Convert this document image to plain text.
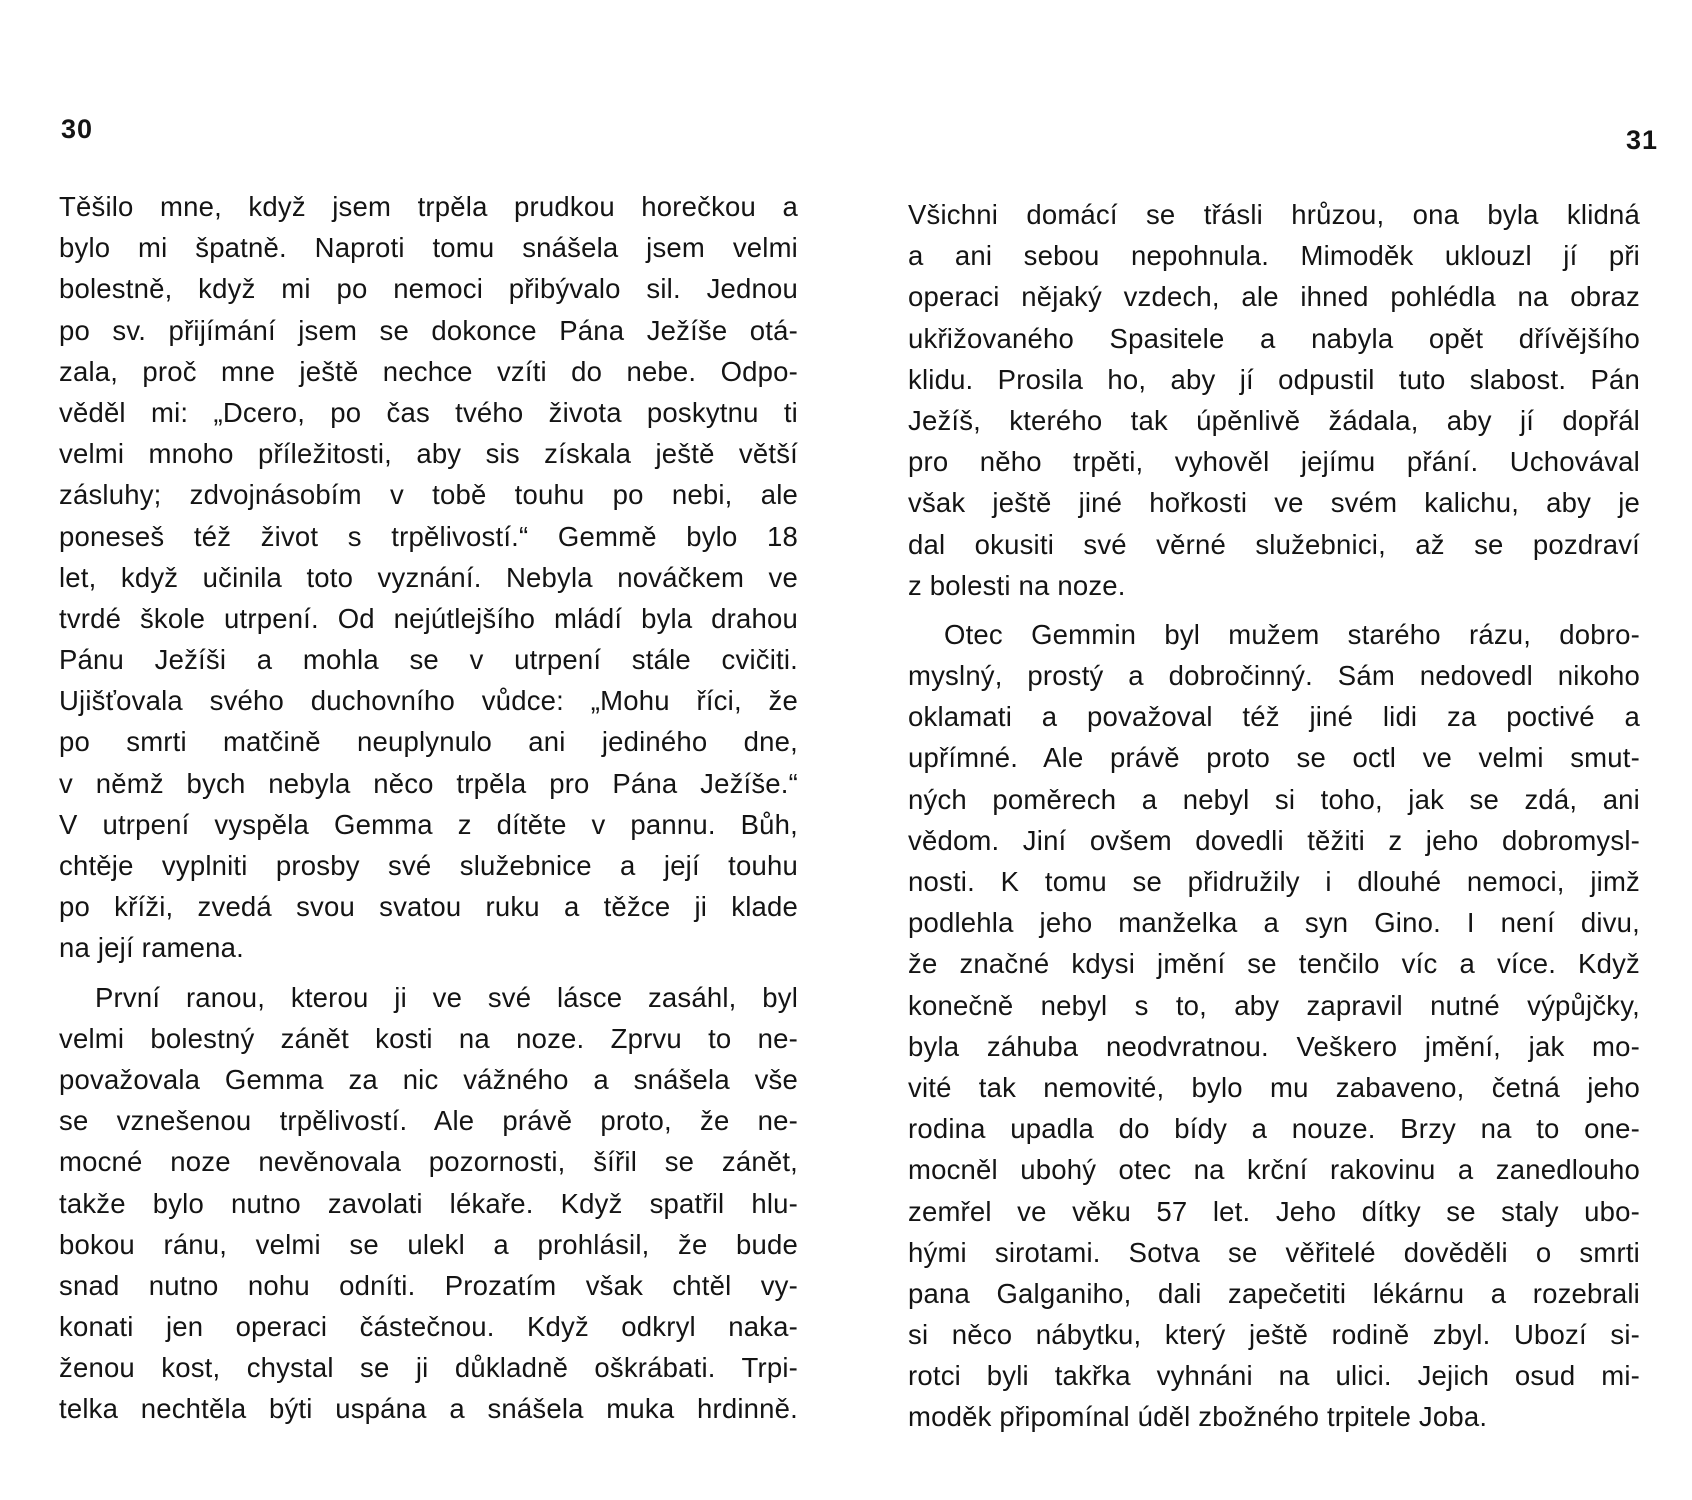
30
Těšilo mne, když jsem trpěla prudkou horečkou a
bylo mi špatně. Naproti tomu snášela jsem velmi
bolestně, když mi po nemoci přibývalo sil. Jednou
po sv. přijímání jsem se dokonce Pána Ježíše otá-
zala, proč mne ještě nechce vzíti do nebe. Odpo-
věděl mi: „Dcero, po čas tvého života poskytnu ti
velmi mnoho příležitosti, aby sis získala ještě větší
zásluhy; zdvojnásobím v tobě touhu po nebi, ale
poneseš též život s trpělivostí.“ Gemmě bylo 18
let, když učinila toto vyznání. Nebyla nováčkem ve
tvrdé škole utrpení. Od nejútlejšího mládí byla drahou
Pánu Ježíši a mohla se v utrpení stále cvičiti.
Ujišťovala svého duchovního vůdce: „Mohu říci, že
po smrti matčině neuplynulo ani jediného dne,
v němž bych nebyla něco trpěla pro Pána Ježíše.“
V utrpení vyspěla Gemma z dítěte v pannu. Bůh,
chtěje vyplniti prosby své služebnice a její touhu
po kříži, zvedá svou svatou ruku a těžce ji klade
na její ramena.
První ranou, kterou ji ve své lásce zasáhl, byl
velmi bolestný zánět kosti na noze. Zprvu to ne-
považovala Gemma za nic vážného a snášela vše
se vznešenou trpělivostí. Ale právě proto, že ne-
mocné noze nevěnovala pozornosti, šířil se zánět,
takže bylo nutno zavolati lékaře. Když spatřil hlu-
bokou ránu, velmi se ulekl a prohlásil, že bude
snad nutno nohu odníti. Prozatím však chtěl vy-
konati jen operaci částečnou. Když odkryl naka-
ženou kost, chystal se ji důkladně oškrábati. Trpi-
telka nechtěla býti uspána a snášela muka hrdinně.
31
Všichni domácí se třásli hrůzou, ona byla klidná
a ani sebou nepohnula. Mimoděk uklouzl jí při
operaci nějaký vzdech, ale ihned pohlédla na obraz
ukřižovaného Spasitele a nabyla opět dřívějšího
klidu. Prosila ho, aby jí odpustil tuto slabost. Pán
Ježíš, kterého tak úpěnlivě žádala, aby jí dopřál
pro něho trpěti, vyhověl jejímu přání. Uchovával
však ještě jiné hořkosti ve svém kalichu, aby je
dal okusiti své věrné služebnici, až se pozdraví
z bolesti na noze.
Otec Gemmin byl mužem starého rázu, dobro-
myslný, prostý a dobročinný. Sám nedovedl nikoho
oklamati a považoval též jiné lidi za poctivé a
upřímné. Ale právě proto se octl ve velmi smut-
ných poměrech a nebyl si toho, jak se zdá, ani
vědom. Jiní ovšem dovedli těžiti z jeho dobromysl-
nosti. K tomu se přidružily i dlouhé nemoci, jimž
podlehla jeho manželka a syn Gino. I není divu,
že značné kdysi jmění se tenčilo víc a více. Když
konečně nebyl s to, aby zapravil nutné výpůjčky,
byla záhuba neodvratnou. Veškero jmění, jak mo-
vité tak nemovité, bylo mu zabaveno, četná jeho
rodina upadla do bídy a nouze. Brzy na to one-
mocněl ubohý otec na krční rakovinu a zanedlouho
zemřel ve věku 57 let. Jeho dítky se staly ubo-
hými sirotami. Sotva se věřitelé dověděli o smrti
pana Galganiho, dali zapečetiti lékárnu a rozebrali
si něco nábytku, který ještě rodině zbyl. Ubozí si-
rotci byli takřka vyhnáni na ulici. Jejich osud mi-
moděk připomínal úděl zbožného trpitele Joba.
